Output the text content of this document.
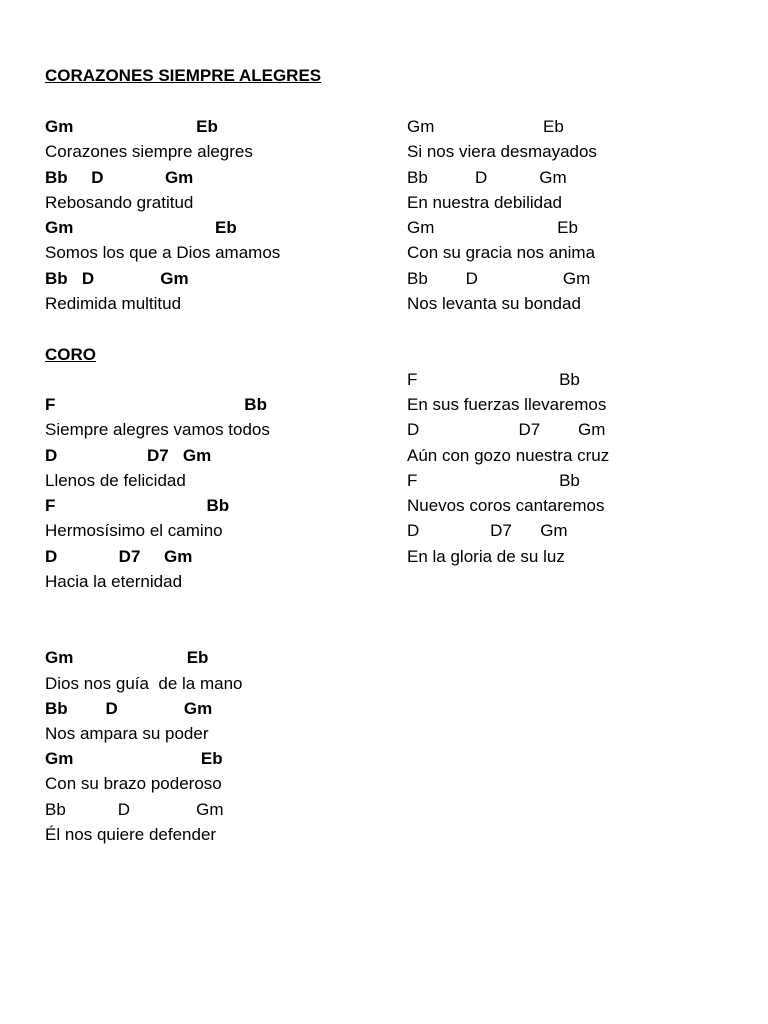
CORAZONES SIEMPRE ALEGRES

Gm                          Eb

Corazones siempre alegres

Bb     D             Gm

Rebosando gratitud

Gm                              Eb

Somos los que a Dios amamos

Bb   D              Gm

Redimida multitud

CORO

F                                        Bb

Siempre alegres vamos todos

D                   D7   Gm

Llenos de felicidad

F                                Bb

Hermosísimo el camino

D             D7     Gm

Hacia la eternidad

Gm                        Eb

Dios nos guía  de la mano

Bb        D              Gm

Nos ampara su poder

Gm                           Eb

Con su brazo poderoso

Bb           D              Gm

Él nos quiere defender

Gm                       Eb

Si nos viera desmayados

Bb          D           Gm

En nuestra debilidad

Gm                          Eb

Con su gracia nos anima

Bb        D                  Gm

Nos levanta su bondad

F                              Bb

En sus fuerzas llevaremos

D                     D7        Gm

Aún con gozo nuestra cruz

F                              Bb

Nuevos coros cantaremos

D               D7      Gm

En la gloria de su luz
